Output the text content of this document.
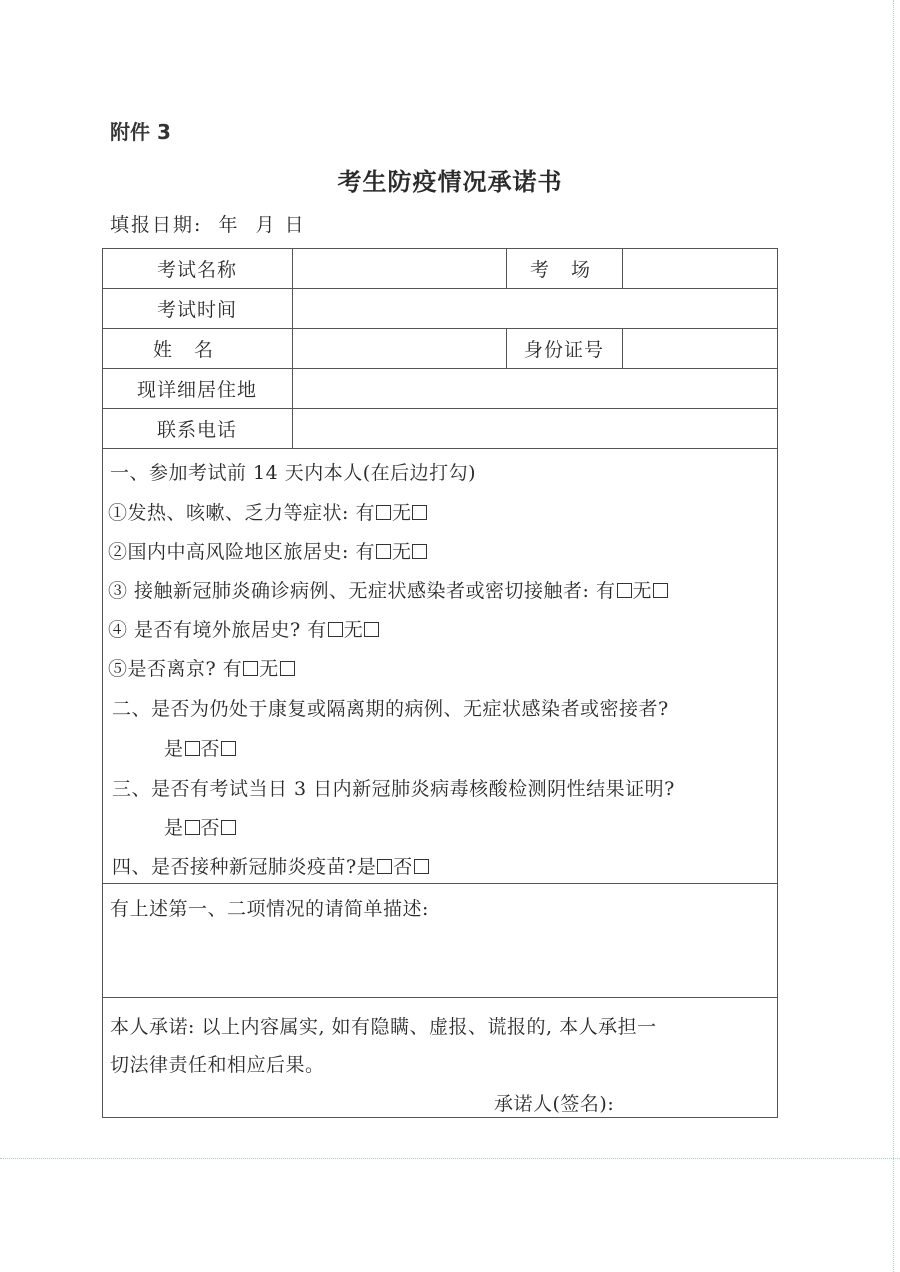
附件 3
考生防疫情况承诺书
填报日期:  年  月 日
考试名称	考 场
考试时间
姓 名	身份证号
现详细居住地
联系电话
一、参加考试前 14 天内本人(在后边打勾)
①发热、咳嗽、乏力等症状: 有 无
②国内中高风险地区旅居史: 有 无
③ 接触新冠肺炎确诊病例、无症状感染者或密切接触者: 有 无
④ 是否有境外旅居史? 有 无
⑤是否离京? 有 无
二、是否为仍处于康复或隔离期的病例、无症状感染者或密接者?
是 否
三、是否有考试当日 3 日内新冠肺炎病毒核酸检测阴性结果证明?
是 否
四、是否接种新冠肺炎疫苗?是 否
有上述第一、二项情况的请简单描述:
本人承诺: 以上内容属实, 如有隐瞒、虚报、谎报的, 本人承担一
切法律责任和相应后果。
承诺人(签名):
